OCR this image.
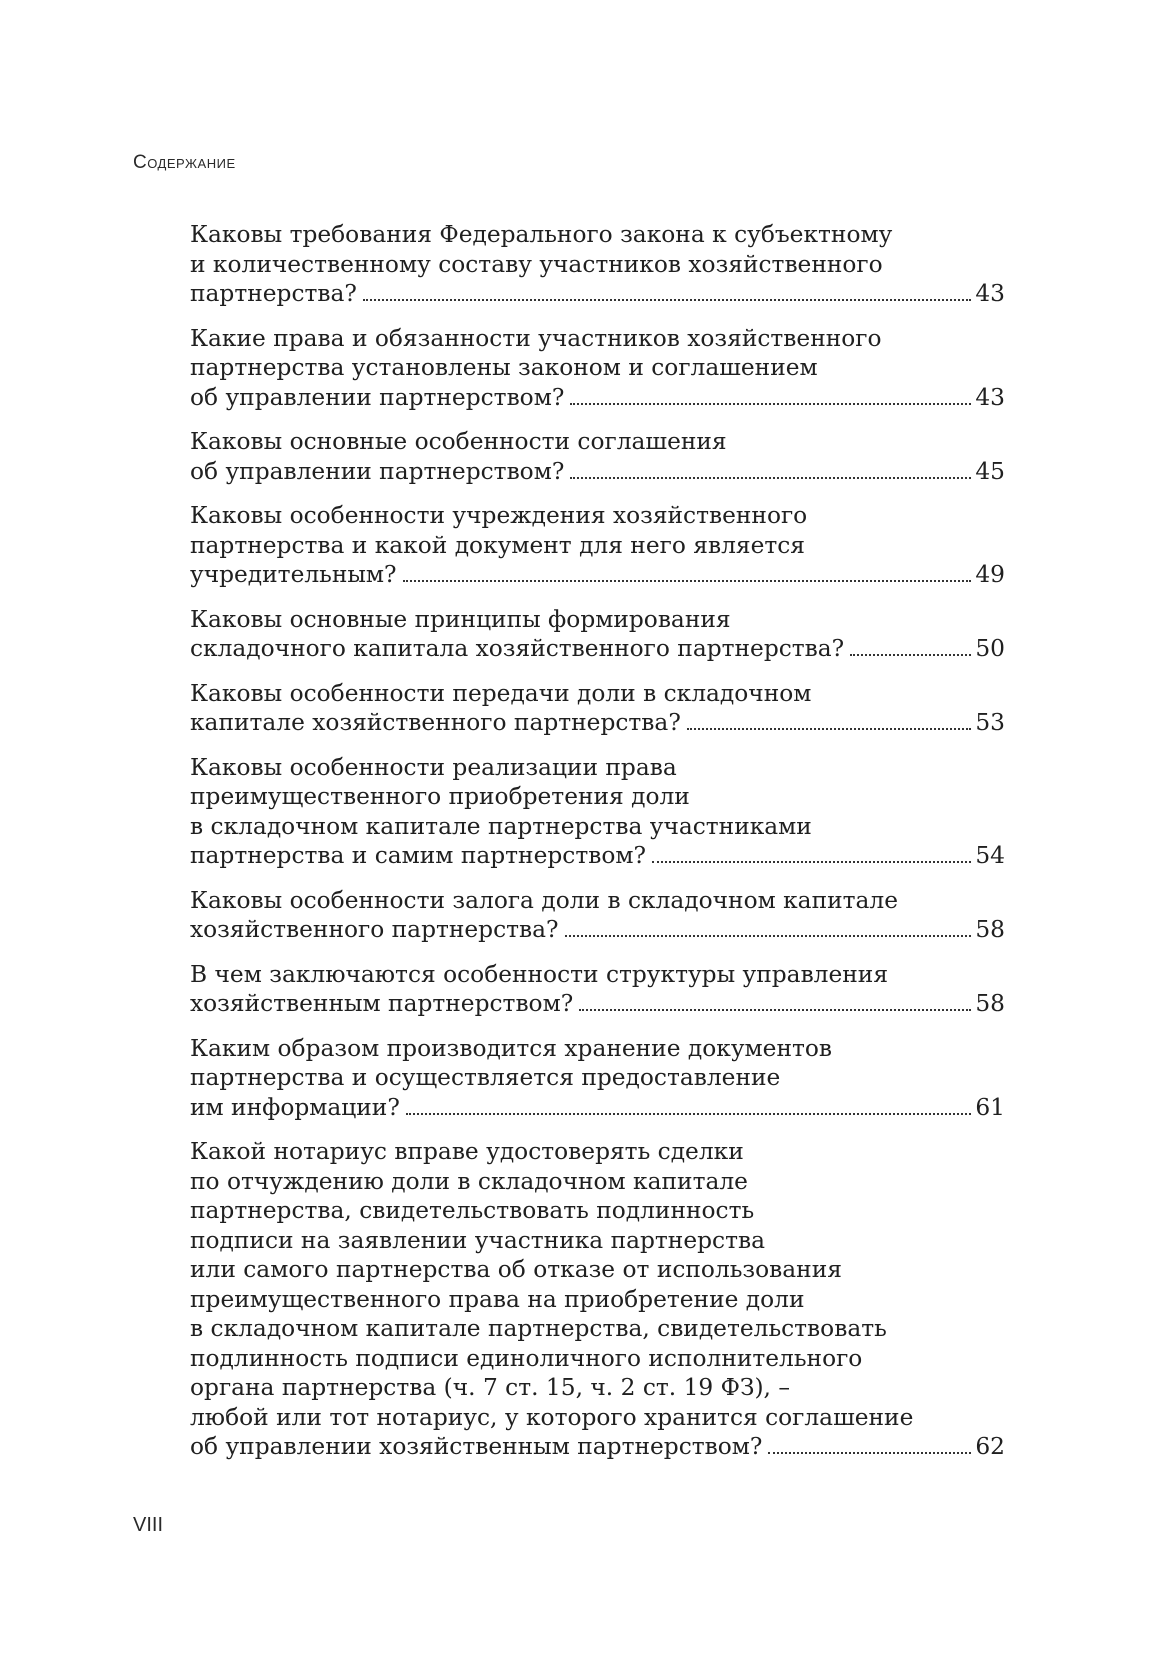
Содержание
Каковы требования Федерального закона к субъектному
и количественному составу участников хозяйственного
партнерства?	43
Какие права и обязанности участников хозяйственного
партнерства установлены законом и соглашением
об управлении партнерством?	43
Каковы основные особенности соглашения
об управлении партнерством?	45
Каковы особенности учреждения хозяйственного
партнерства и какой документ для него является
учредительным?	49
Каковы основные принципы формирования
складочного капитала хозяйственного партнерства?	50
Каковы особенности передачи доли в складочном
капитале хозяйственного партнерства?	53
Каковы особенности реализации права
преимущественного приобретения доли
в складочном капитале партнерства участниками
партнерства и самим партнерством?	54
Каковы особенности залога доли в складочном капитале
хозяйственного партнерства?	58
В чем заключаются особенности структуры управления
хозяйственным партнерством?	58
Каким образом производится хранение документов
партнерства и осуществляется предоставление
им информации?	61
Какой нотариус вправе удостоверять сделки
по отчуждению доли в складочном капитале
партнерства, свидетельствовать подлинность
подписи на заявлении участника партнерства
или самого партнерства об отказе от использования
преимущественного права на приобретение доли
в складочном капитале партнерства, свидетельствовать
подлинность подписи единоличного исполнительного
органа партнерства (ч. 7 ст. 15, ч. 2 ст. 19 ФЗ), –
любой или тот нотариус, у которого хранится соглашение
об управлении хозяйственным партнерством?	62
VIII
